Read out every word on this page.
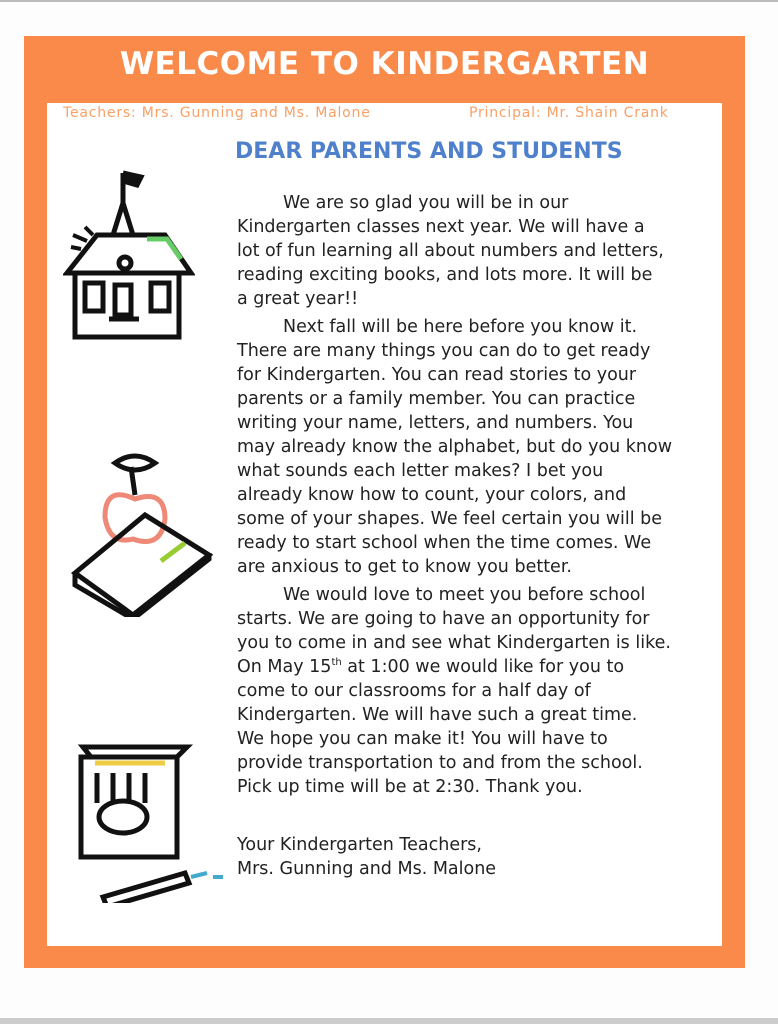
WELCOME TO KINDERGARTEN
Teachers: Mrs. Gunning and Ms. Malone	Principal: Mr. Shain Crank
DEAR PARENTS AND STUDENTS
We are so glad you will be in our
Kindergarten classes next year. We will have a
lot of fun learning all about numbers and letters,
reading exciting books, and lots more. It will be
a great year!!
Next fall will be here before you know it.
There are many things you can do to get ready
for Kindergarten. You can read stories to your
parents or a family member. You can practice
writing your name, letters, and numbers. You
may already know the alphabet, but do you know
what sounds each letter makes? I bet you
already know how to count, your colors, and
some of your shapes. We feel certain you will be
ready to start school when the time comes. We
are anxious to get to know you better.
We would love to meet you before school
starts. We are going to have an opportunity for
you to come in and see what Kindergarten is like.
On May 15th at 1:00 we would like for you to
come to our classrooms for a half day of
Kindergarten. We will have such a great time.
We hope you can make it! You will have to
provide transportation to and from the school.
Pick up time will be at 2:30. Thank you.
Your Kindergarten Teachers,
Mrs. Gunning and Ms. Malone
